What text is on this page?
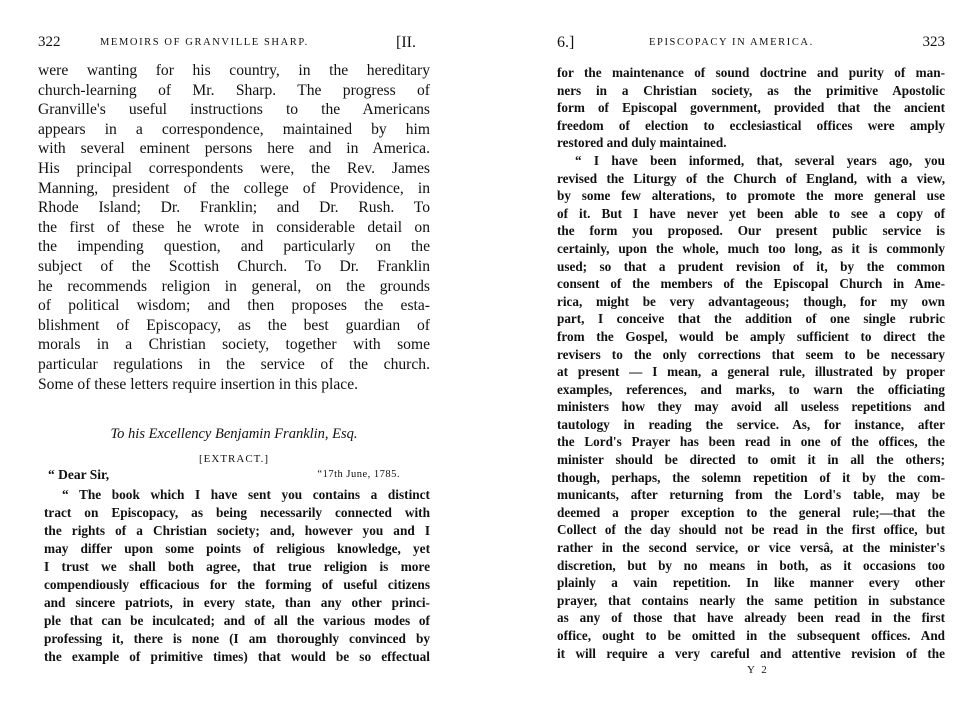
322	MEMOIRS OF GRANVILLE SHARP.	[II.
were wanting for his country, in the hereditary
church-learning of Mr. Sharp. The progress of
Granville's useful instructions to the Americans
appears in a correspondence, maintained by him
with several eminent persons here and in America.
His principal correspondents were, the Rev. James
Manning, president of the college of Providence, in
Rhode Island; Dr. Franklin; and Dr. Rush. To
the first of these he wrote in considerable detail on
the impending question, and particularly on the
subject of the Scottish Church. To Dr. Franklin
he recommends religion in general, on the grounds
of political wisdom; and then proposes the esta-
blishment of Episcopacy, as the best guardian of
morals in a Christian society, together with some
particular regulations in the service of the church.
Some of these letters require insertion in this place.
To his Excellency Benjamin Franklin, Esq.
[EXTRACT.]
“ Dear Sir,	“17th June, 1785.
“ The book which I have sent you contains a distinct
tract on Episcopacy, as being necessarily connected with
the rights of a Christian society; and, however you and I
may differ upon some points of religious knowledge, yet
I trust we shall both agree, that true religion is more
compendiously efficacious for the forming of useful citizens
and sincere patriots, in every state, than any other princi-
ple that can be inculcated; and of all the various modes of
professing it, there is none (I am thoroughly convinced by
the example of primitive times) that would be so effectual
6.]	EPISCOPACY IN AMERICA.	323
for the maintenance of sound doctrine and purity of man-
ners in a Christian society, as the primitive Apostolic
form of Episcopal government, provided that the ancient
freedom of election to ecclesiastical offices were amply
restored and duly maintained.
“ I have been informed, that, several years ago, you
revised the Liturgy of the Church of England, with a view,
by some few alterations, to promote the more general use
of it. But I have never yet been able to see a copy of
the form you proposed. Our present public service is
certainly, upon the whole, much too long, as it is commonly
used; so that a prudent revision of it, by the common
consent of the members of the Episcopal Church in Ame-
rica, might be very advantageous; though, for my own
part, I conceive that the addition of one single rubric
from the Gospel, would be amply sufficient to direct the
revisers to the only corrections that seem to be necessary
at present — I mean, a general rule, illustrated by proper
examples, references, and marks, to warn the officiating
ministers how they may avoid all useless repetitions and
tautology in reading the service. As, for instance, after
the Lord's Prayer has been read in one of the offices, the
minister should be directed to omit it in all the others;
though, perhaps, the solemn repetition of it by the com-
municants, after returning from the Lord's table, may be
deemed a proper exception to the general rule;—that the
Collect of the day should not be read in the first office, but
rather in the second service, or vice versâ, at the minister's
discretion, but by no means in both, as it occasions too
plainly a vain repetition. In like manner every other
prayer, that contains nearly the same petition in substance
as any of those that have already been read in the first
office, ought to be omitted in the subsequent offices. And
it will require a very careful and attentive revision of the
Y 2
